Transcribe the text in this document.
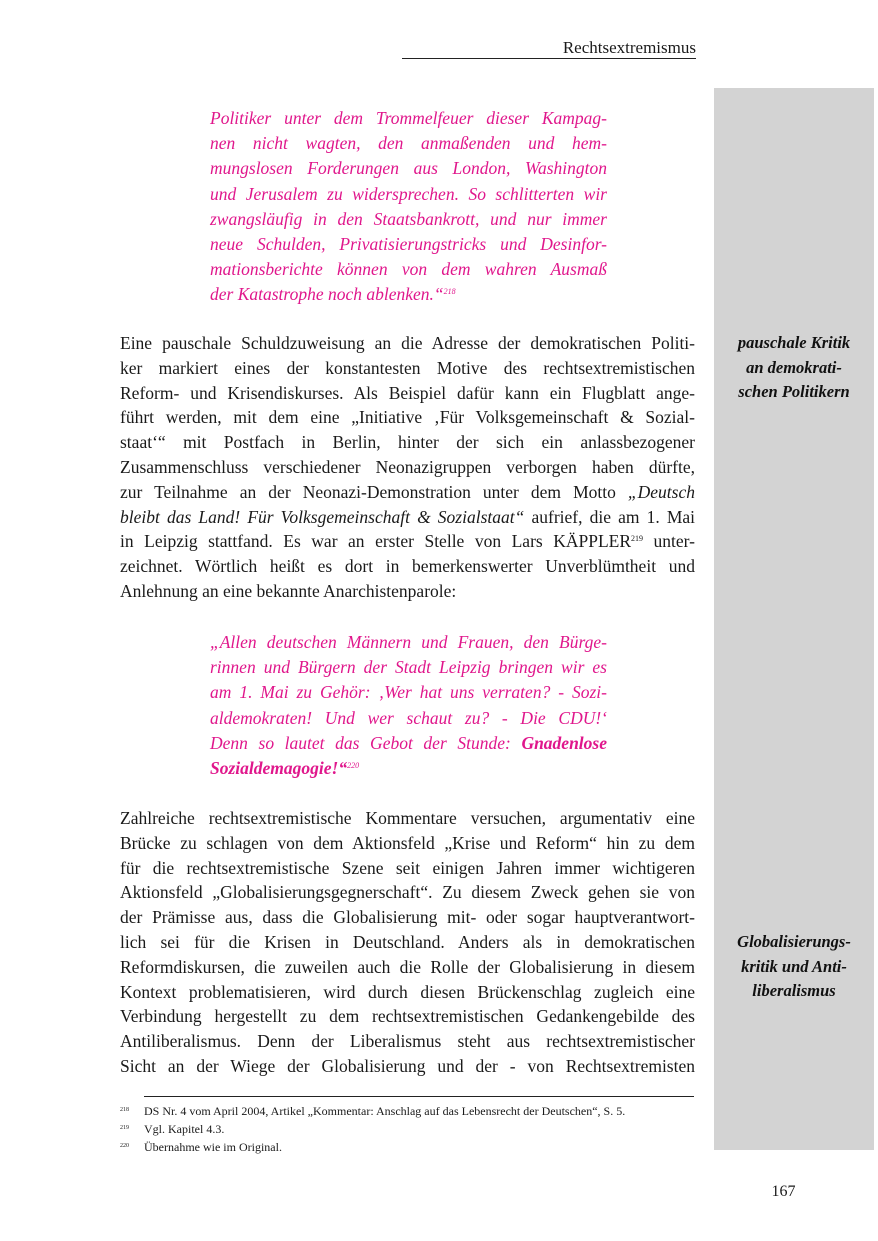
Rechtsextremismus
pauschale Kritik
an demokrati-
schen Politikern
Globalisierungs-
kritik und Anti-
liberalismus
Politiker unter dem Trommelfeuer dieser Kampag-
nen nicht wagten, den anmaßenden und hem-
mungslosen Forderungen aus London, Washington
und Jerusalem zu widersprechen. So schlitterten wir
zwangsläufig in den Staatsbankrott, und nur immer
neue Schulden, Privatisierungstricks und Desinfor-
mationsberichte können von dem wahren Ausmaß
der Katastrophe noch ablenken.“$^{218}$
Eine pauschale Schuldzuweisung an die Adresse der demokratischen Politi-
ker markiert eines der konstantesten Motive des rechtsextremistischen
Reform- und Krisendiskurses. Als Beispiel dafür kann ein Flugblatt ange-
führt werden, mit dem eine „Initiative ‚Für Volksgemeinschaft & Sozial-
staat‘“ mit Postfach in Berlin, hinter der sich ein anlassbezogener
Zusammenschluss verschiedener Neonazigruppen verborgen haben dürfte,
zur Teilnahme an der Neonazi-Demonstration unter dem Motto „Deutsch
bleibt das Land! Für Volksgemeinschaft & Sozialstaat“ aufrief, die am 1. Mai
in Leipzig stattfand. Es war an erster Stelle von Lars KÄPPLER$^{219}$ unter-
zeichnet. Wörtlich heißt es dort in bemerkenswerter Unverblümtheit und
Anlehnung an eine bekannte Anarchistenparole:
„Allen deutschen Männern und Frauen, den Bürge-
rinnen und Bürgern der Stadt Leipzig bringen wir es
am 1. Mai zu Gehör: ‚Wer hat uns verraten? - Sozi-
aldemokraten! Und wer schaut zu? - Die CDU!‘
Denn so lautet das Gebot der Stunde: Gnadenlose
Sozialdemagogie!“$^{220}$
Zahlreiche rechtsextremistische Kommentare versuchen, argumentativ eine
Brücke zu schlagen von dem Aktionsfeld „Krise und Reform“ hin zu dem
für die rechtsextremistische Szene seit einigen Jahren immer wichtigeren
Aktionsfeld „Globalisierungsgegnerschaft“. Zu diesem Zweck gehen sie von
der Prämisse aus, dass die Globalisierung mit- oder sogar hauptverantwort-
lich sei für die Krisen in Deutschland. Anders als in demokratischen
Reformdiskursen, die zuweilen auch die Rolle der Globalisierung in diesem
Kontext problematisieren, wird durch diesen Brückenschlag zugleich eine
Verbindung hergestellt zu dem rechtsextremistischen Gedankengebilde des
Antiliberalismus. Denn der Liberalismus steht aus rechtsextremistischer
Sicht an der Wiege der Globalisierung und der - von Rechtsextremisten
218 DS Nr. 4 vom April 2004, Artikel „Kommentar: Anschlag auf das Lebensrecht der Deutschen“, S. 5.
219 Vgl. Kapitel 4.3.
220 Übernahme wie im Original.
167
